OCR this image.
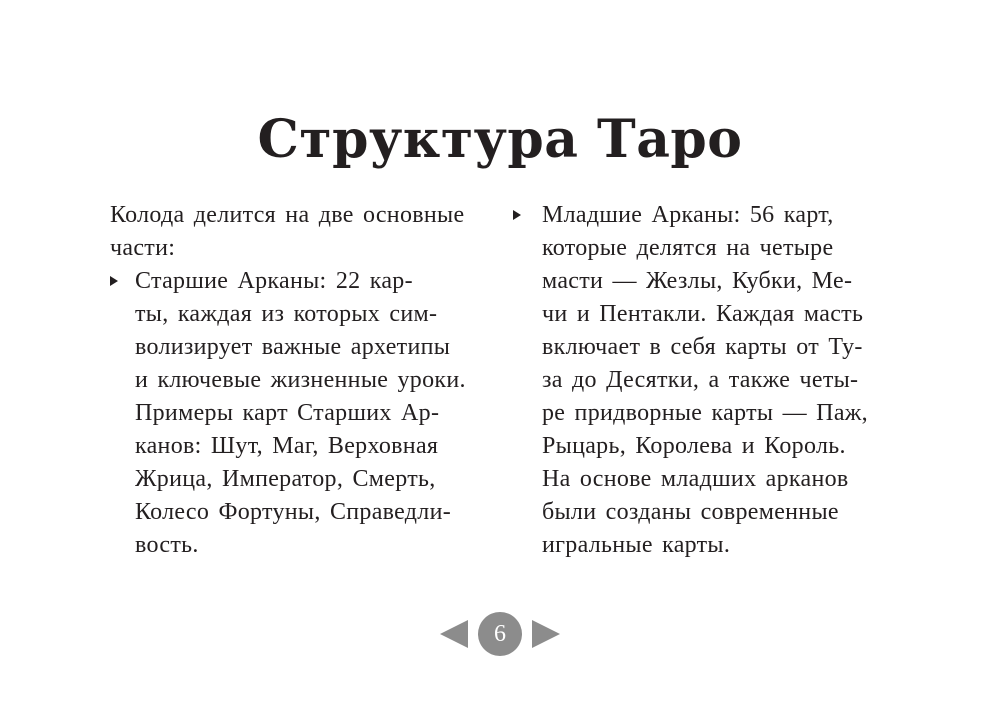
Структура Таро
Колода делится на две основные
части:
Старшие Арканы: 22 кар-
ты, каждая из которых сим-
волизирует важные архетипы
и ключевые жизненные уроки.
Примеры карт Старших Ар-
канов: Шут, Маг, Верховная
Жрица, Император, Смерть,
Колесо Фортуны, Справедли-
вость.
Младшие Арканы: 56 карт,
которые делятся на четыре
масти — Жезлы, Кубки, Ме-
чи и Пентакли. Каждая масть
включает в себя карты от Ту-
за до Десятки, а также четы-
ре придворные карты — Паж,
Рыцарь, Королева и Король.
На основе младших арканов
были созданы современные
игральные карты.
6
